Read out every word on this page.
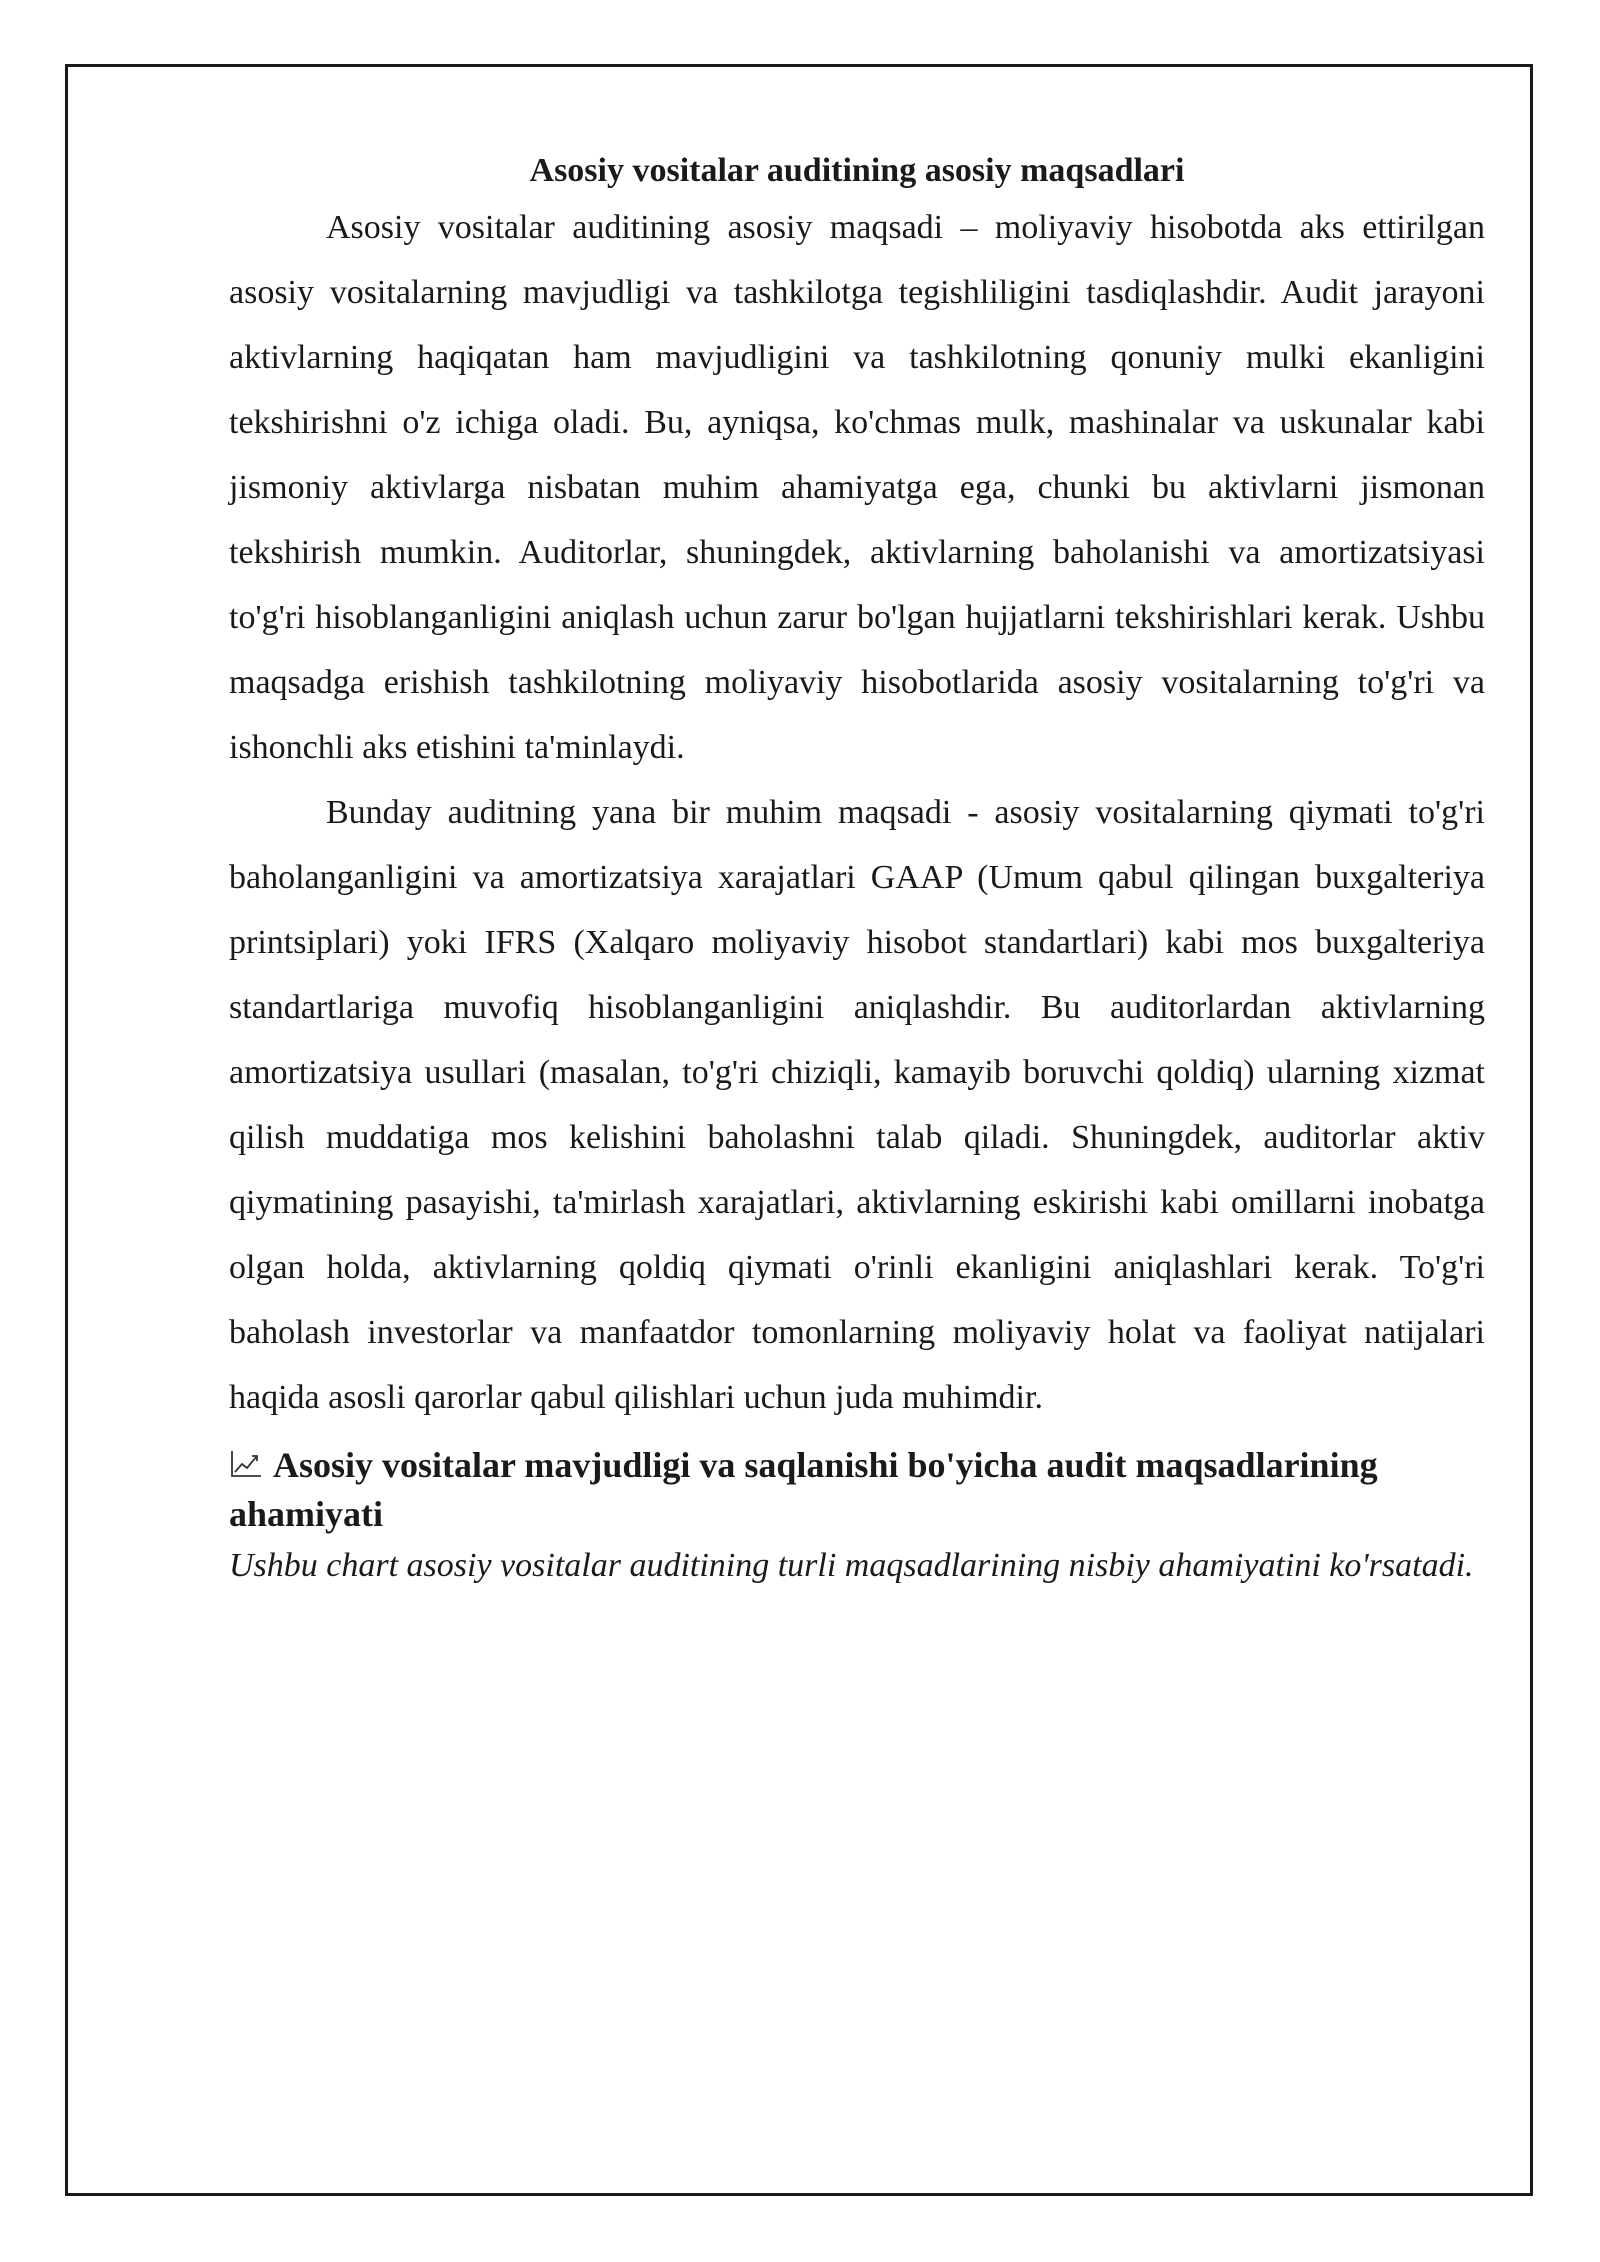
Asosiy vositalar auditining asosiy maqsadlari

Asosiy vositalar auditining asosiy maqsadi – moliyaviy hisobotda aks ettirilgan asosiy vositalarning mavjudligi va tashkilotga tegishliligini tasdiqlashdir. Audit jarayoni aktivlarning haqiqatan ham mavjudligini va tashkilotning qonuniy mulki ekanligini tekshirishni o'z ichiga oladi. Bu, ayniqsa, ko'chmas mulk, mashinalar va uskunalar kabi jismoniy aktivlarga nisbatan muhim ahamiyatga ega, chunki bu aktivlarni jismonan tekshirish mumkin. Auditorlar, shuningdek, aktivlarning baholanishi va amortizatsiyasi to'g'ri hisoblanganligini aniqlash uchun zarur bo'lgan hujjatlarni tekshirishlari kerak. Ushbu maqsadga erishish tashkilotning moliyaviy hisobotlarida asosiy vositalarning to'g'ri va ishonchli aks etishini ta'minlaydi.

Bunday auditning yana bir muhim maqsadi - asosiy vositalarning qiymati to'g'ri baholanganligini va amortizatsiya xarajatlari GAAP (Umum qabul qilingan buxgalteriya printsiplari) yoki IFRS (Xalqaro moliyaviy hisobot standartlari) kabi mos buxgalteriya standartlariga muvofiq hisoblanganligini aniqlashdir. Bu auditorlardan aktivlarning amortizatsiya usullari (masalan, to'g'ri chiziqli, kamayib boruvchi qoldiq) ularning xizmat qilish muddatiga mos kelishini baholashni talab qiladi. Shuningdek, auditorlar aktiv qiymatining pasayishi, ta'mirlash xarajatlari, aktivlarning eskirishi kabi omillarni inobatga olgan holda, aktivlarning qoldiq qiymati o'rinli ekanligini aniqlashlari kerak. To'g'ri baholash investorlar va manfaatdor tomonlarning moliyaviy holat va faoliyat natijalari haqida asosli qarorlar qabul qilishlari uchun juda muhimdir.

Asosiy vositalar mavjudligi va saqlanishi bo'yicha audit maqsadlarining ahamiyati

Ushbu chart asosiy vositalar auditining turli maqsadlarining nisbiy ahamiyatini ko'rsatadi.
